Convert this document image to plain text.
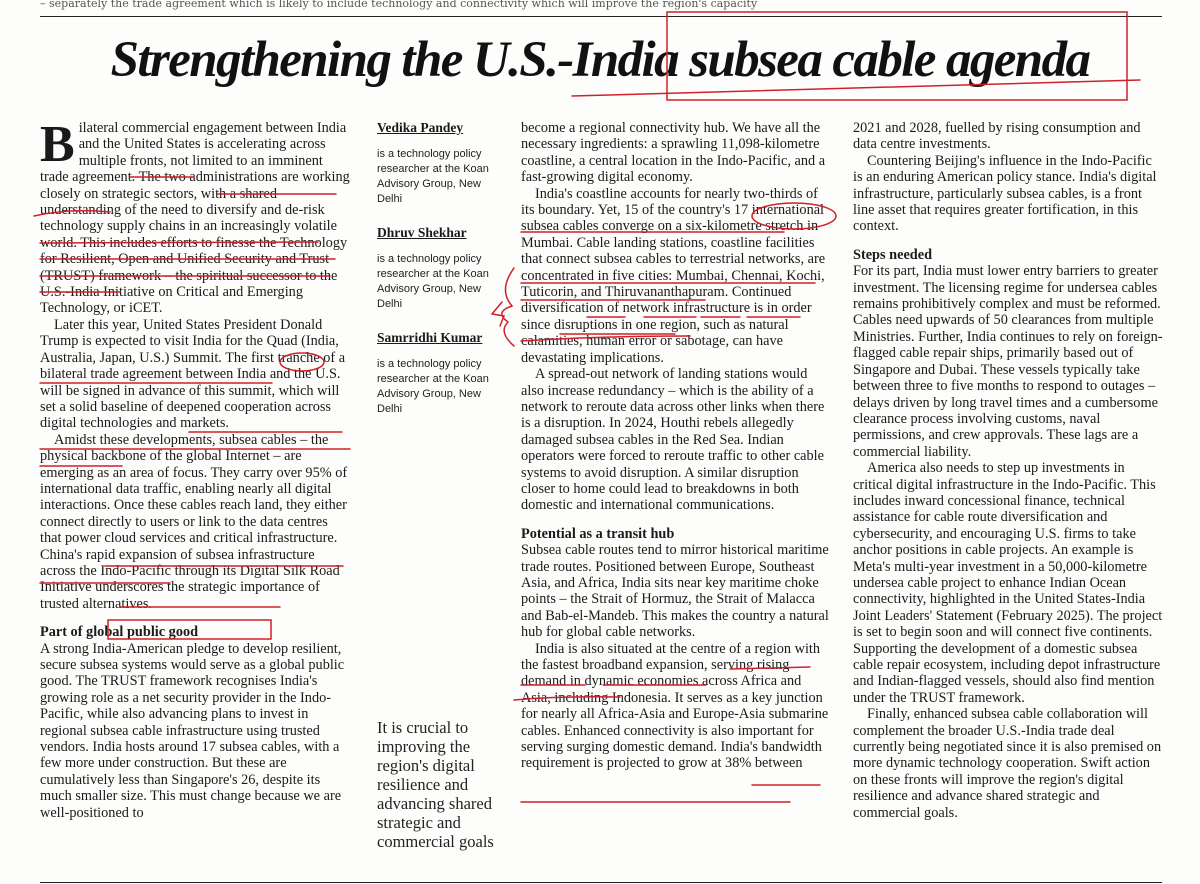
– separately the trade agreement which is likely to include technology and connectivity which will improve the region's capacity
Strengthening the U.S.-India subsea cable agenda

Bilateral commercial engagement between India and the United States is accelerating across multiple fronts, not limited to an imminent trade agreement. The two administrations are working closely on strategic sectors, with a shared understanding of the need to diversify and de-risk technology supply chains in an increasingly volatile world. This includes efforts to finesse the Technology for Resilient, Open and Unified Security and Trust (TRUST) framework – the spiritual successor to the U.S.-India Initiative on Critical and Emerging Technology, or iCET.

Later this year, United States President Donald Trump is expected to visit India for the Quad (India, Australia, Japan, U.S.) Summit. The first tranche of a bilateral trade agreement between India and the U.S. will be signed in advance of this summit, which will set a solid baseline of deepened cooperation across digital technologies and markets.

Amidst these developments, subsea cables – the physical backbone of the global Internet – are emerging as an area of focus. They carry over 95% of international data traffic, enabling nearly all digital interactions. Once these cables reach land, they either connect directly to users or link to the data centres that power cloud services and critical infrastructure. China's rapid expansion of subsea infrastructure across the Indo-Pacific through its Digital Silk Road Initiative underscores the strategic importance of trusted alternatives.

Part of global public good

A strong India-American pledge to develop resilient, secure subsea systems would serve as a global public good. The TRUST framework recognises India's growing role as a net security provider in the Indo-Pacific, while also advancing plans to invest in regional subsea cable infrastructure using trusted vendors. India hosts around 17 subsea cables, with a few more under construction. But these are cumulatively less than Singapore's 26, despite its much smaller size. This must change because we are well-positioned to

Vedika Pandey
is a technology policy researcher at the Koan Advisory Group, New Delhi
Dhruv Shekhar
is a technology policy researcher at the Koan Advisory Group, New Delhi
Samrridhi Kumar
is a technology policy researcher at the Koan Advisory Group, New Delhi
It is crucial to improving the region's digital resilience and advancing shared strategic and commercial goals

become a regional connectivity hub. We have all the necessary ingredients: a sprawling 11,098-kilometre coastline, a central location in the Indo-Pacific, and a fast-growing digital economy.

India's coastline accounts for nearly two-thirds of its boundary. Yet, 15 of the country's 17 international subsea cables converge on a six-kilometre stretch in Mumbai. Cable landing stations, coastline facilities that connect subsea cables to terrestrial networks, are concentrated in five cities: Mumbai, Chennai, Kochi, Tuticorin, and Thiruvananthapuram. Continued diversification of network infrastructure is in order since disruptions in one region, such as natural calamities, human error or sabotage, can have devastating implications.

A spread-out network of landing stations would also increase redundancy – which is the ability of a network to reroute data across other links when there is a disruption. In 2024, Houthi rebels allegedly damaged subsea cables in the Red Sea. Indian operators were forced to reroute traffic to other cable systems to avoid disruption. A similar disruption closer to home could lead to breakdowns in both domestic and international communications.

Potential as a transit hub

Subsea cable routes tend to mirror historical maritime trade routes. Positioned between Europe, Southeast Asia, and Africa, India sits near key maritime choke points – the Strait of Hormuz, the Strait of Malacca and Bab-el-Mandeb. This makes the country a natural hub for global cable networks.

India is also situated at the centre of a region with the fastest broadband expansion, serving rising demand in dynamic economies across Africa and Asia, including Indonesia. It serves as a key junction for nearly all Africa-Asia and Europe-Asia submarine cables. Enhanced connectivity is also important for serving surging domestic demand. India's bandwidth requirement is projected to grow at 38% between

2021 and 2028, fuelled by rising consumption and data centre investments.

Countering Beijing's influence in the Indo-Pacific is an enduring American policy stance. India's digital infrastructure, particularly subsea cables, is a front line asset that requires greater fortification, in this context.

Steps needed

For its part, India must lower entry barriers to greater investment. The licensing regime for undersea cables remains prohibitively complex and must be reformed. Cables need upwards of 50 clearances from multiple Ministries. Further, India continues to rely on foreign-flagged cable repair ships, primarily based out of Singapore and Dubai. These vessels typically take between three to five months to respond to outages – delays driven by long travel times and a cumbersome clearance process involving customs, naval permissions, and crew approvals. These lags are a commercial liability.

America also needs to step up investments in critical digital infrastructure in the Indo-Pacific. This includes inward concessional finance, technical assistance for cable route diversification and cybersecurity, and encouraging U.S. firms to take anchor positions in cable projects. An example is Meta's multi-year investment in a 50,000-kilometre undersea cable project to enhance Indian Ocean connectivity, highlighted in the United States-India Joint Leaders' Statement (February 2025). The project is set to begin soon and will connect five continents. Supporting the development of a domestic subsea cable repair ecosystem, including depot infrastructure and Indian-flagged vessels, should also find mention under the TRUST framework.

Finally, enhanced subsea cable collaboration will complement the broader U.S.-India trade deal currently being negotiated since it is also premised on more dynamic technology cooperation. Swift action on these fronts will improve the region's digital resilience and advance shared strategic and commercial goals.
